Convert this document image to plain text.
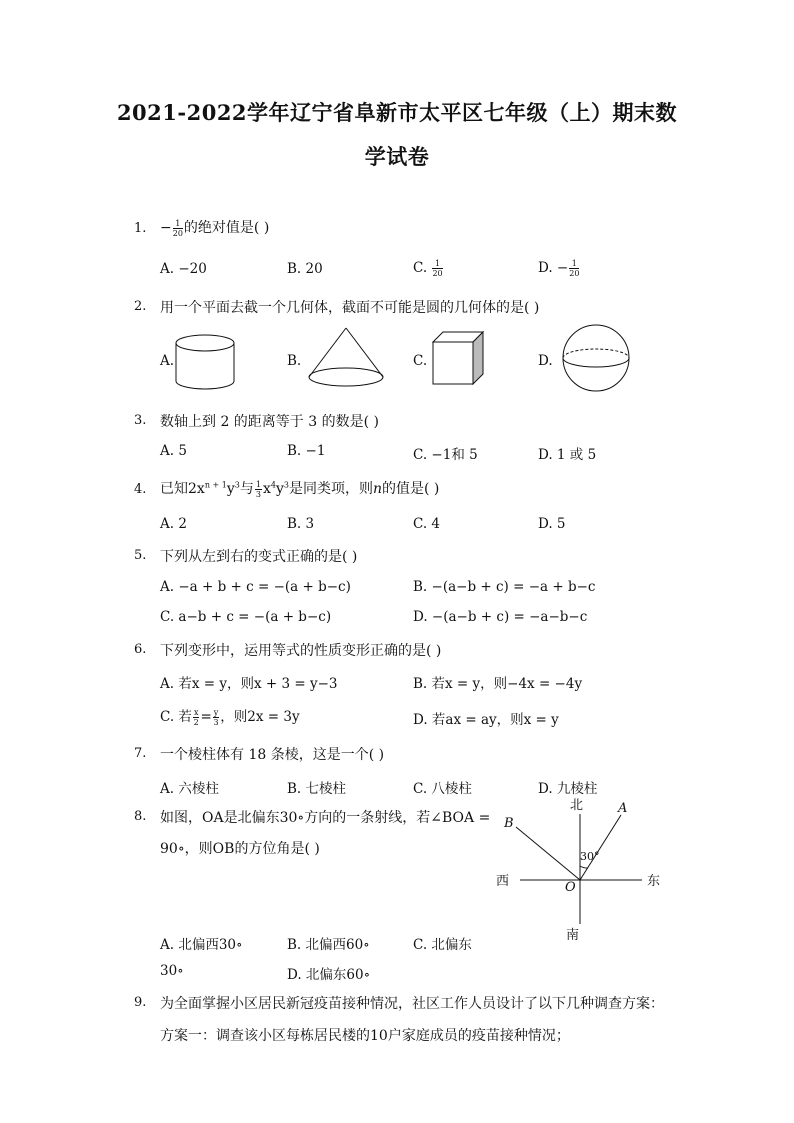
2021-2022学年辽宁省阜新市太平区七年级（上）期末数
学试卷
1. − $\frac{1}{20}$ 的绝对值是( )
A. −20	B. 20	C. $\frac{1}{20}$	D. − $\frac{1}{20}$
2. 用一个平面去截一个几何体，截面不可能是圆的几何体的是( )
A.	B.	C.	D.
北
南
西	东
O
A
B
30°
3. 数轴上到 2 的距离等于 3 的数是( )
A. 5	B. −1	C. −1和 5	D. 1 或 5
4. 已知$2x^{n + 1}y^3$与 $\frac{1}{3} x^4y^3$是同类项，则n的值是( )
A. 2	B. 3	C. 4	D. 5
5. 下列从左到右的变式正确的是( )
A. −a + b + c = −(a + b−c)	B. −(a−b + c) = −a + b−c
C. a−b + c = −(a + b−c)	D. −(a−b + c) = −a−b−c
6. 下列变形中，运用等式的性质变形正确的是( )
A. 若x = y，则x + 3 = y−3	B. 若x = y，则−4x = −4y
C. 若 $\frac{x}{2} = \frac{y}{3}$ ，则2x = 3y	D. 若ax = ay，则x = y
7. 一个棱柱体有 18 条棱，这是一个( )
A. 六棱柱	B. 七棱柱	C. 八棱柱	D. 九棱柱
8. 如图，OA是北偏东30∘方向的一条射线，若∠BOA =
90∘，则OB的方位角是( )
A. 北偏西30∘	B. 北偏西60∘	C. 北偏东
30∘	D. 北偏东60∘
9. 为全面掌握小区居民新冠疫苗接种情况，社区工作人员设计了以下几种调查方案：
方案一：调查该小区每栋居民楼的10户家庭成员的疫苗接种情况；
